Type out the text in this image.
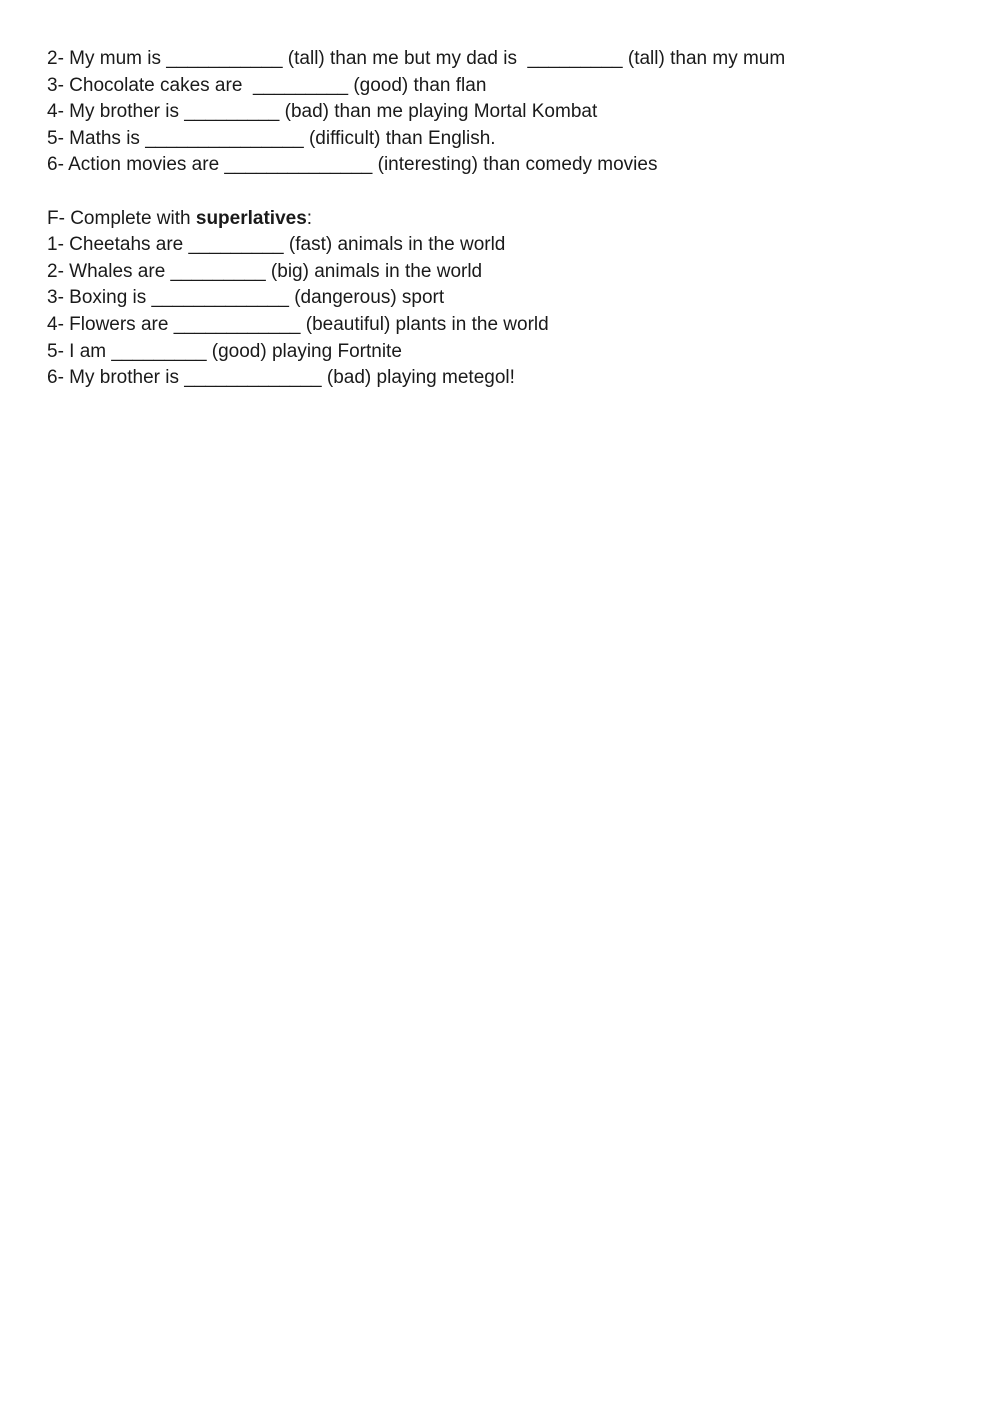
2- My mum is ___________ (tall) than me but my dad is  _________ (tall) than my mum

3- Chocolate cakes are  _________ (good) than flan

4- My brother is _________ (bad) than me playing Mortal Kombat

5- Maths is _______________ (difficult) than English.

6- Action movies are ______________ (interesting) than comedy movies

F- Complete with superlatives:

1- Cheetahs are _________ (fast) animals in the world

2- Whales are _________ (big) animals in the world

3- Boxing is _____________ (dangerous) sport

4- Flowers are ____________ (beautiful) plants in the world

5- I am _________ (good) playing Fortnite

6- My brother is _____________ (bad) playing metegol!
